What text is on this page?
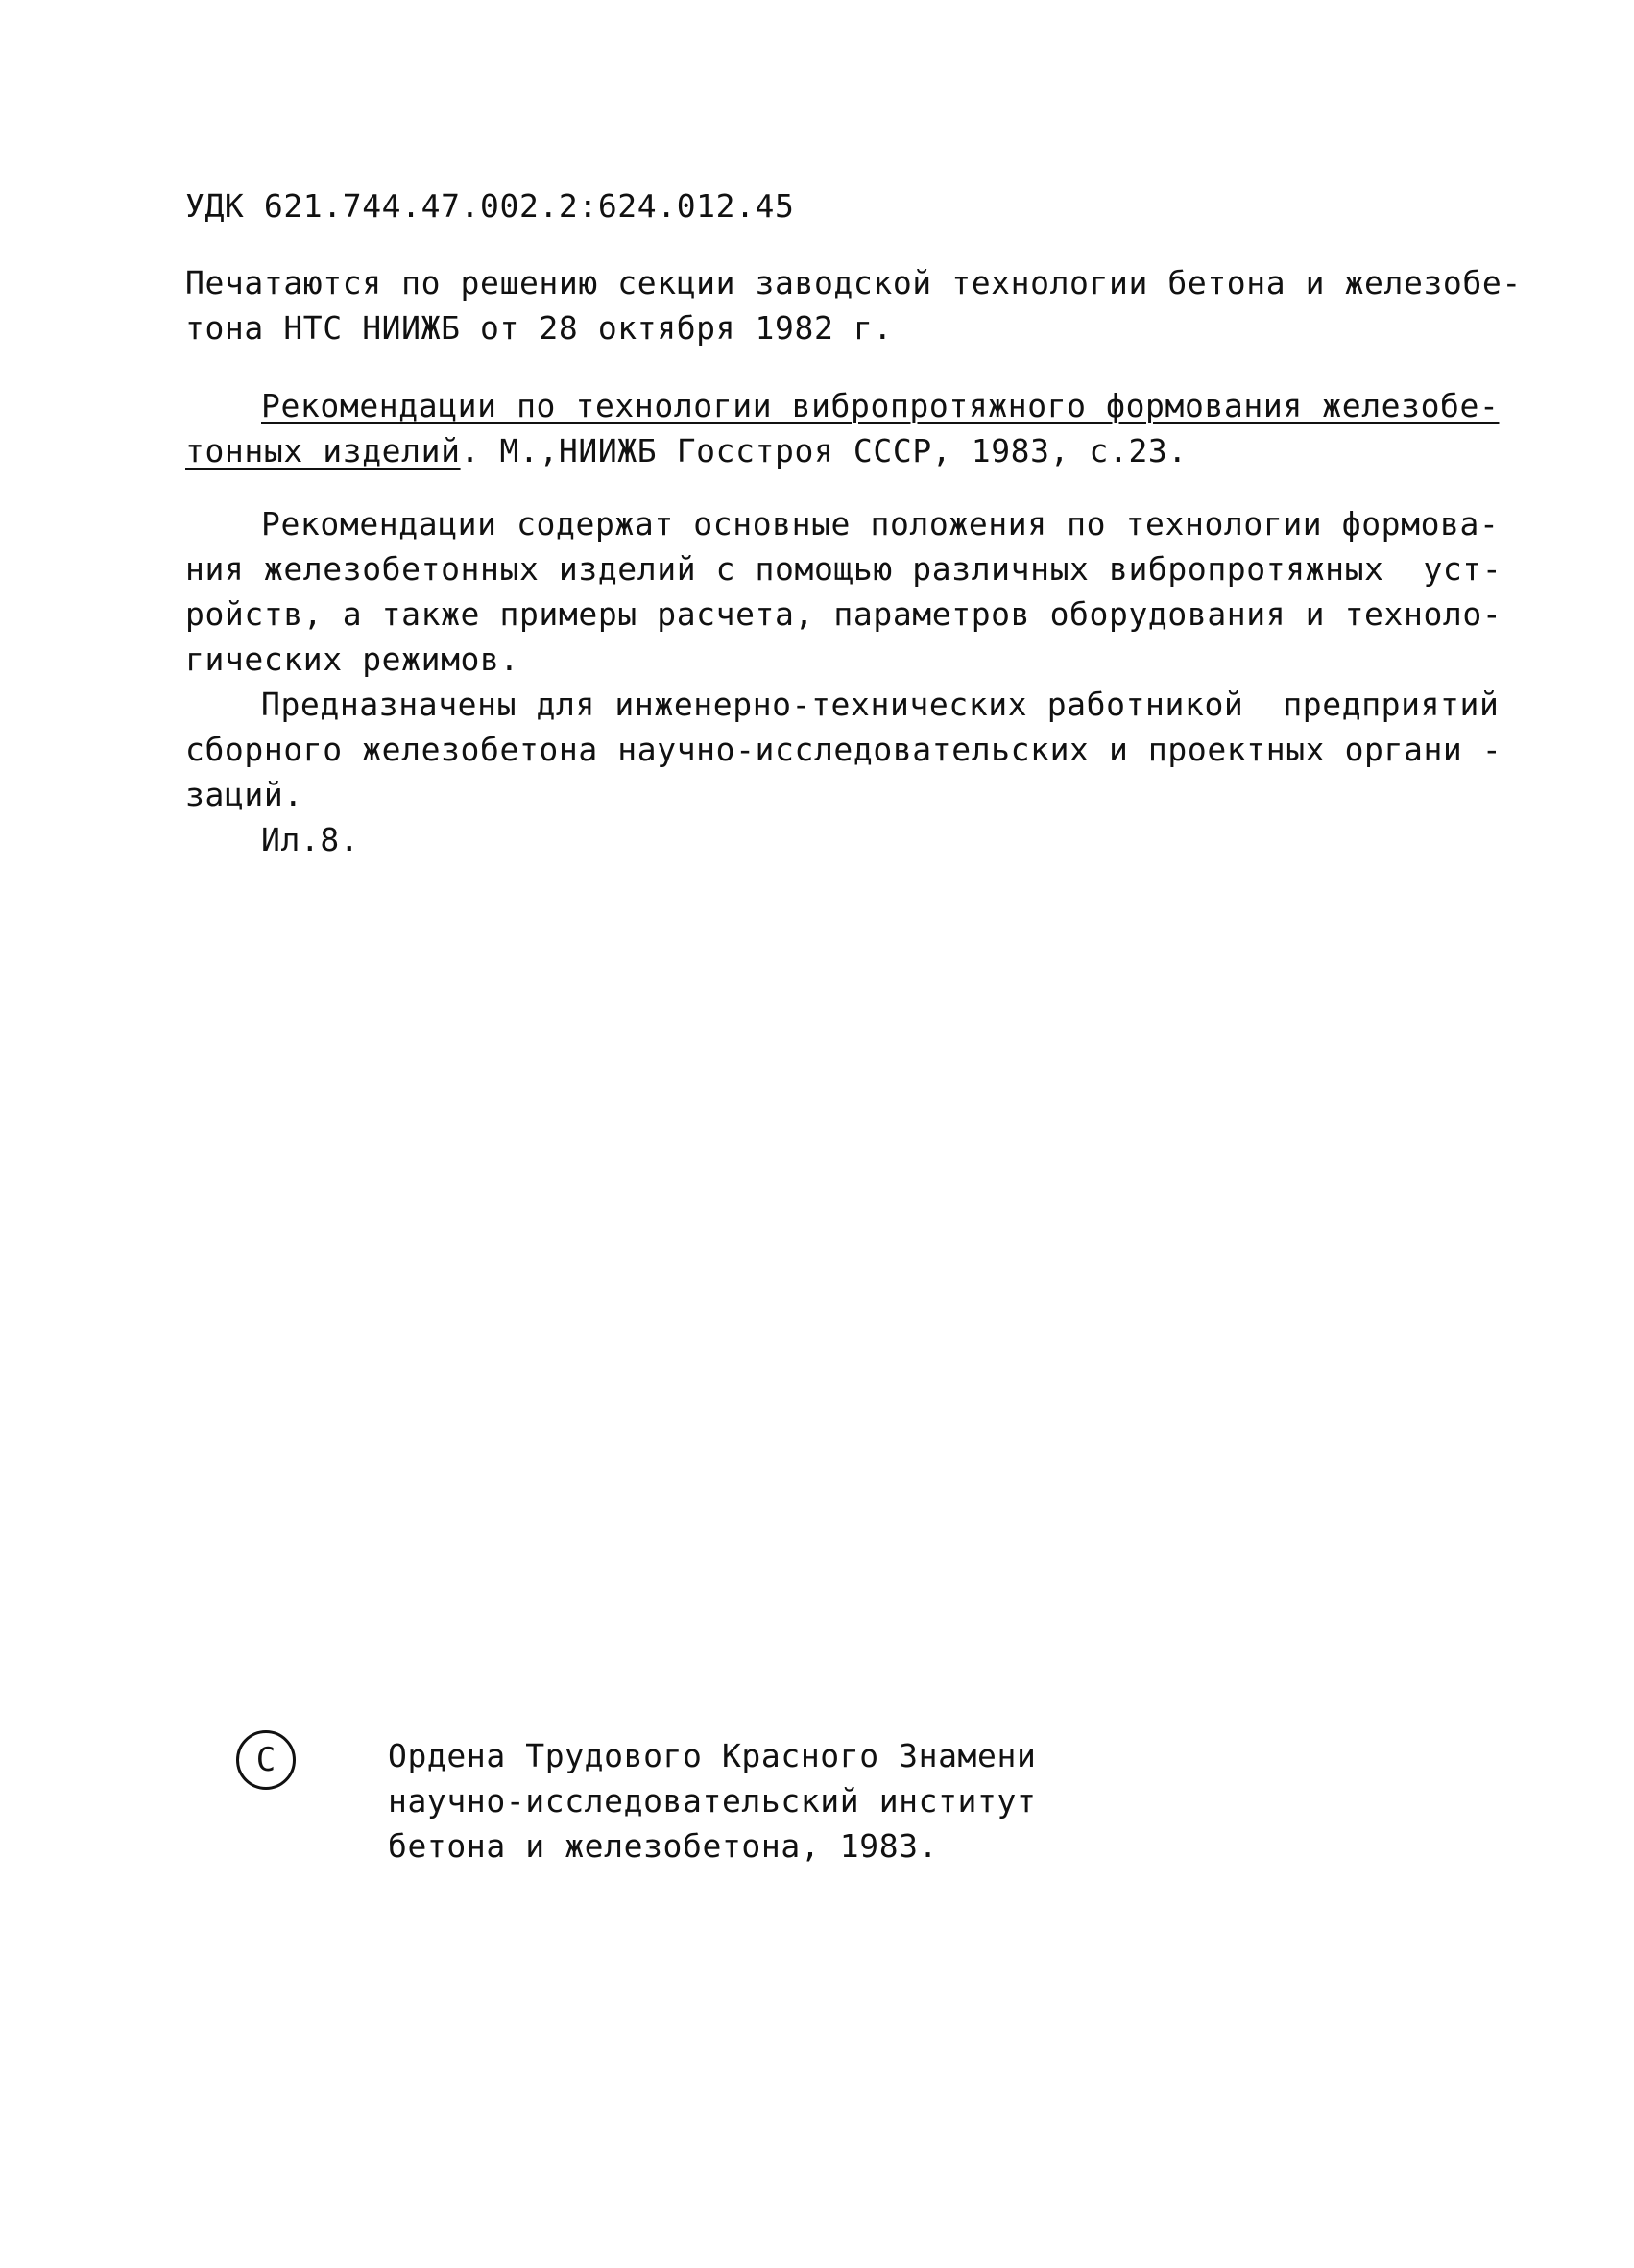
УДК 621.744.47.002.2:624.012.45
Печатаются по решению секции заводской технологии бетона и железобе-
тона НТС НИИЖБ от 28 октября 1982 г.
Рекомендации по технологии вибропротяжного формования железобе-
тонных изделий. М.,НИИЖБ Госстроя СССР, 1983, с.23.
Рекомендации содержат основные положения по технологии формова-
ния железобетонных изделий с помощью различных вибропротяжных  уст-
ройств, а также примеры расчета, параметров оборудования и техноло-
гических режимов.
Предназначены для инженерно-технических работникой  предприятий
сборного железобетона научно-исследовательских и проектных органи -
заций.
Ил.8.
C	Ордена Трудового Красного Знамени
научно-исследовательский институт
бетона и железобетона, 1983.
